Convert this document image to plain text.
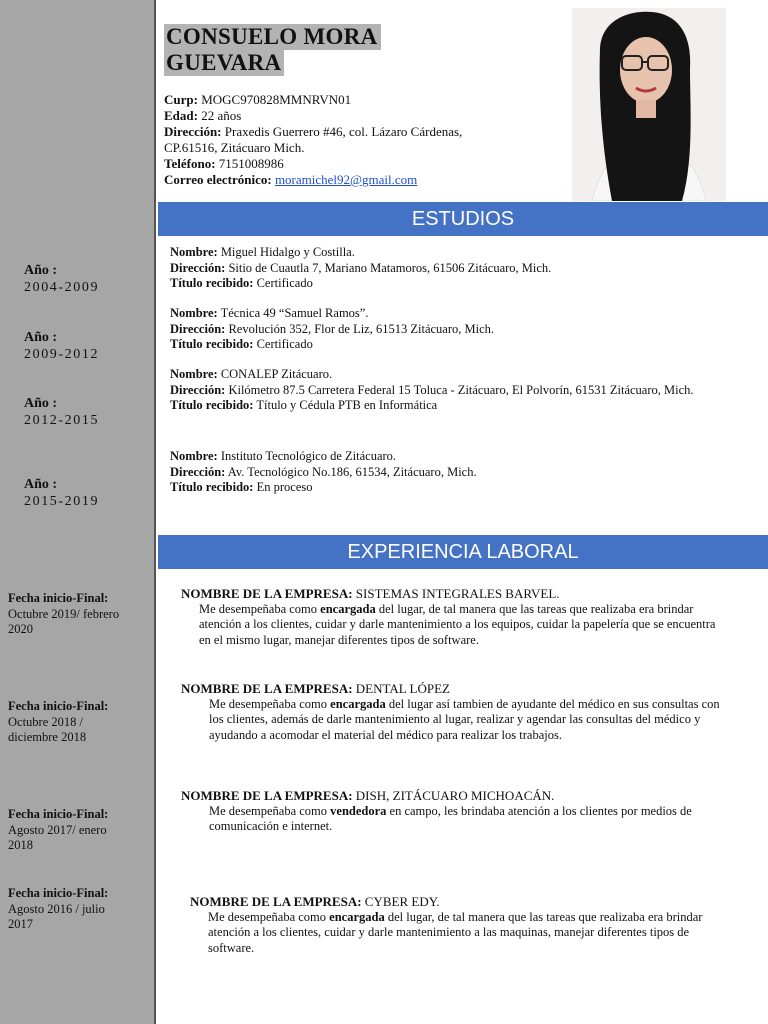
CONSUELO MORA
GUEVARA
Curp: MOGC970828MMNRVN01
Edad: 22 años
Dirección: Praxedis Guerrero #46, col. Lázaro Cárdenas,
CP.61516, Zitácuaro Mich.
Teléfono: 7151008986
Correo electrónico: moramichel92@gmail.com
ESTUDIOS
Año :
2004-2009
Año :
2009-2012
Año :
2012-2015
Año :
2015-2019
Nombre: Miguel Hidalgo y Costilla.
Dirección: Sitio de Cuautla 7, Mariano Matamoros, 61506 Zitácuaro, Mich.
Título recibido: Certificado
Nombre: Técnica 49 “Samuel Ramos”.
Dirección: Revolución 352, Flor de Liz, 61513 Zitácuaro, Mich.
Título recibido: Certificado
Nombre: CONALEP Zitácuaro.
Dirección: Kilómetro 87.5 Carretera Federal 15 Toluca - Zitácuaro, El Polvorín, 61531 Zitácuaro, Mich.
Título recibido: Título y Cédula PTB en Informática
Nombre: Instituto Tecnológico de Zitácuaro.
Dirección: Av. Tecnológico No.186, 61534, Zitácuaro, Mich.
Título recibido: En proceso
EXPERIENCIA LABORAL
Fecha inicio-Final:
Octubre 2019/ febrero
2020
Fecha inicio-Final:
Octubre 2018 /
diciembre 2018
Fecha inicio-Final:
Agosto 2017/ enero
2018
Fecha inicio-Final:
Agosto 2016 / julio
2017
NOMBRE DE LA EMPRESA: SISTEMAS INTEGRALES BARVEL.
Me desempeñaba como encargada del lugar, de tal manera que las tareas que realizaba era brindar atención a los clientes, cuidar y darle mantenimiento a los equipos, cuidar la papelería que se encuentra en el mismo lugar, manejar diferentes tipos de software.
NOMBRE DE LA EMPRESA: DENTAL LÓPEZ
Me desempeñaba como encargada del lugar así tambien de ayudante del médico en sus consultas con los clientes, además de darle mantenimiento al lugar, realizar y agendar las consultas del médico y ayudando a acomodar el material del médico para realizar los trabajos.
NOMBRE DE LA EMPRESA: DISH, ZITÁCUARO MICHOACÁN.
Me desempeñaba como vendedora en campo, les brindaba atención a los clientes por medios de comunicación e internet.
NOMBRE DE LA EMPRESA: CYBER EDY.
Me desempeñaba como encargada del lugar, de tal manera que las tareas que realizaba era brindar atención a los clientes, cuidar y darle mantenimiento a las maquinas, manejar diferentes tipos de software.
